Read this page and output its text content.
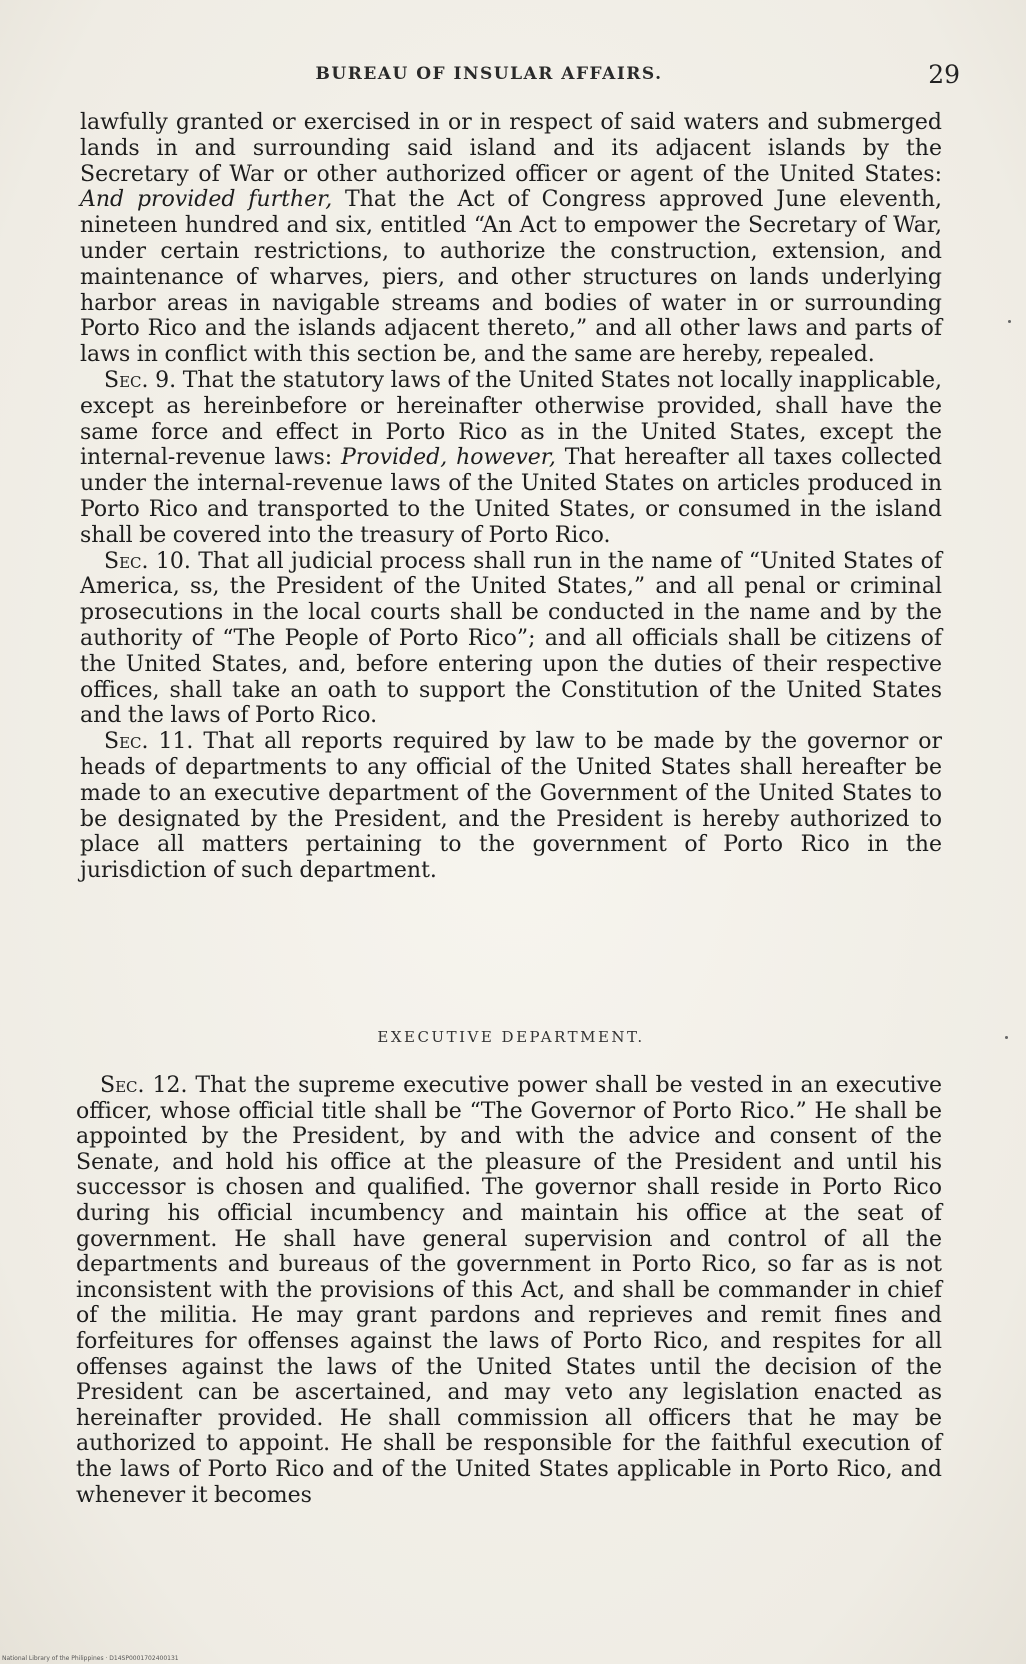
BUREAU OF INSULAR AFFAIRS.	29

lawfully granted or exercised in or in respect of said waters and submerged lands in and surrounding said island and its adjacent islands by the Secretary of War or other authorized officer or agent of the United States: And provided further, That the Act of Congress approved June eleventh, nineteen hundred and six, entitled “An Act to empower the Secretary of War, under certain restrictions, to authorize the construction, extension, and maintenance of wharves, piers, and other structures on lands underlying harbor areas in navigable streams and bodies of water in or surrounding Porto Rico and the islands adjacent thereto,” and all other laws and parts of laws in conflict with this section be, and the same are hereby, repealed.

Sec. 9. That the statutory laws of the United States not locally inapplicable, except as hereinbefore or hereinafter otherwise provided, shall have the same force and effect in Porto Rico as in the United States, except the internal-revenue laws: Provided, however, That hereafter all taxes collected under the internal-revenue laws of the United States on articles produced in Porto Rico and transported to the United States, or consumed in the island shall be covered into the treasury of Porto Rico.

Sec. 10. That all judicial process shall run in the name of “United States of America, ss, the President of the United States,” and all penal or criminal prosecutions in the local courts shall be conducted in the name and by the authority of “The People of Porto Rico”; and all officials shall be citizens of the United States, and, before entering upon the duties of their respective offices, shall take an oath to support the Constitution of the United States and the laws of Porto Rico.

Sec. 11. That all reports required by law to be made by the governor or heads of departments to any official of the United States shall hereafter be made to an executive department of the Government of the United States to be designated by the President, and the President is hereby authorized to place all matters pertaining to the government of Porto Rico in the jurisdiction of such department.

EXECUTIVE DEPARTMENT.

Sec. 12. That the supreme executive power shall be vested in an executive officer, whose official title shall be “The Governor of Porto Rico.” He shall be appointed by the President, by and with the advice and consent of the Senate, and hold his office at the pleasure of the President and until his successor is chosen and qualified. The governor shall reside in Porto Rico during his official incumbency and maintain his office at the seat of government. He shall have general supervision and control of all the departments and bureaus of the government in Porto Rico, so far as is not inconsistent with the provisions of this Act, and shall be commander in chief of the militia. He may grant pardons and reprieves and remit fines and forfeitures for offenses against the laws of Porto Rico, and respites for all offenses against the laws of the United States until the decision of the President can be ascertained, and may veto any legislation enacted as hereinafter provided. He shall commission all officers that he may be authorized to appoint. He shall be responsible for the faithful execution of the laws of Porto Rico and of the United States applicable in Porto Rico, and whenever it becomes

National Library of the Philippines · D14SP0001702400131
